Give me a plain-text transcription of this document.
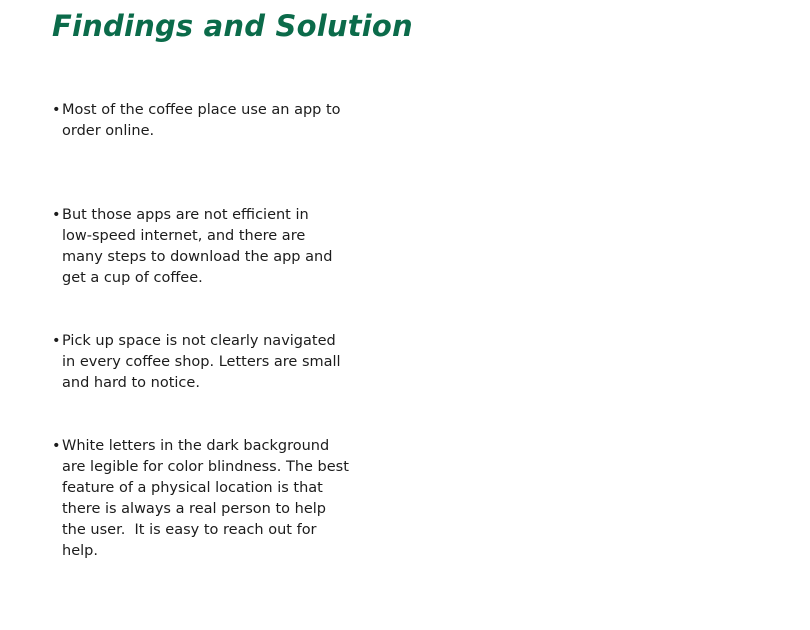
Findings and Solution
• Most of the coffee place use an app to
order online.
• But those apps are not efficient in
low-speed internet, and there are
many steps to download the app and
get a cup of coffee.
• Pick up space is not clearly navigated
in every coffee shop. Letters are small
and hard to notice.
• White letters in the dark background
are legible for color blindness. The best
feature of a physical location is that
there is always a real person to help
the user.  It is easy to reach out for
help.
